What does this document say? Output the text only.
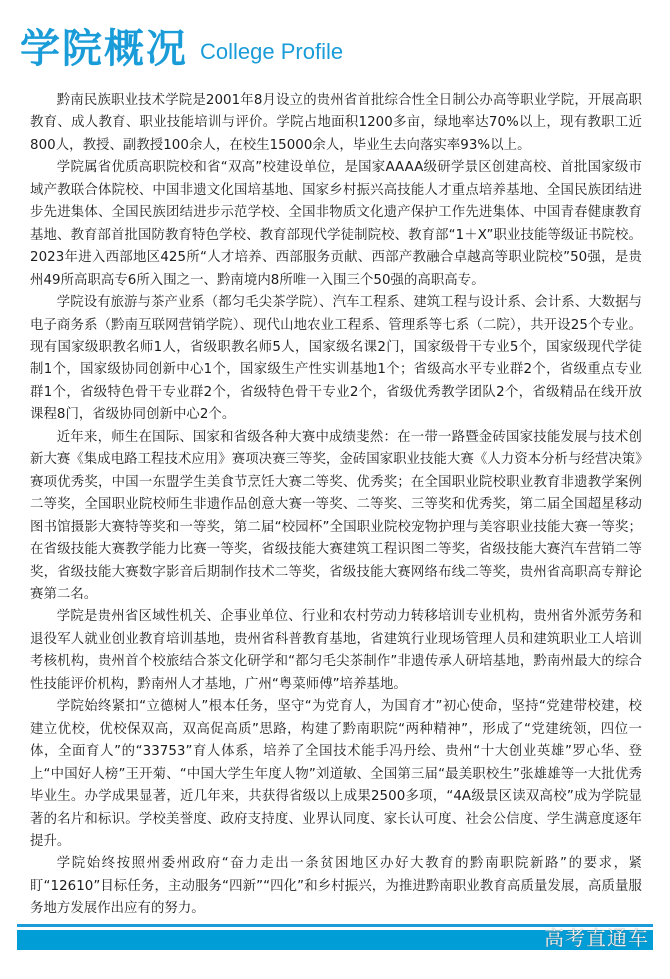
学院概况 College Profile

黔南民族职业技术学院是2001年8月设立的贵州省首批综合性全日制公办高等职业学院，开展高职教育、成人教育、职业技能培训与评价。学院占地面积1200多亩，绿地率达70%以上，现有教职工近800人，教授、副教授100余人，在校生15000余人，毕业生去向落实率93%以上。

学院属省优质高职院校和省“双高”校建设单位，是国家AAAA级研学景区创建高校、首批国家级市域产教联合体院校、中国非遗文化国培基地、国家乡村振兴高技能人才重点培养基地、全国民族团结进步先进集体、全国民族团结进步示范学校、全国非物质文化遗产保护工作先进集体、中国青春健康教育基地、教育部首批国防教育特色学校、教育部现代学徒制院校、教育部“1＋X”职业技能等级证书院校。2023年进入西部地区425所“人才培养、西部服务贡献、西部产教融合卓越高等职业院校”50强，是贵州49所高职高专6所入围之一、黔南境内8所唯一入围三个50强的高职高专。

学院设有旅游与茶产业系（都匀毛尖茶学院）、汽车工程系、建筑工程与设计系、会计系、大数据与电子商务系（黔南互联网营销学院）、现代山地农业工程系、管理系等七系（二院），共开设25个专业。现有国家级职教名师1人，省级职教名师5人，国家级名课2门，国家级骨干专业5个，国家级现代学徒制1个，国家级协同创新中心1个，国家级生产性实训基地1个；省级高水平专业群2个，省级重点专业群1个，省级特色骨干专业群2个，省级特色骨干专业2个，省级优秀教学团队2个，省级精品在线开放课程8门，省级协同创新中心2个。

近年来，师生在国际、国家和省级各种大赛中成绩斐然：在一带一路暨金砖国家技能发展与技术创新大赛《集成电路工程技术应用》赛项决赛三等奖，金砖国家职业技能大赛《人力资本分析与经营决策》赛项优秀奖，中国一东盟学生美食节烹饪大赛二等奖、优秀奖；在全国职业院校职业教育非遗教学案例二等奖，全国职业院校师生非遗作品创意大赛一等奖、二等奖、三等奖和优秀奖，第二届全国超星移动图书馆摄影大赛特等奖和一等奖，第二届“校园杯”全国职业院校宠物护理与美容职业技能大赛一等奖；在省级技能大赛教学能力比赛一等奖，省级技能大赛建筑工程识图二等奖，省级技能大赛汽车营销二等奖，省级技能大赛数字影音后期制作技术二等奖，省级技能大赛网络布线二等奖，贵州省高职高专辩论赛第二名。

学院是贵州省区域性机关、企事业单位、行业和农村劳动力转移培训专业机构，贵州省外派劳务和退役军人就业创业教育培训基地，贵州省科普教育基地，省建筑行业现场管理人员和建筑职业工人培训考核机构，贵州首个校旅结合茶文化研学和“都匀毛尖茶制作”非遗传承人研培基地，黔南州最大的综合性技能评价机构，黔南州人才基地，广州“粤菜师傅”培养基地。

学院始终紧扣“立德树人”根本任务，坚守“为党育人，为国育才”初心使命，坚持“党建带校建，校建立优校，优校保双高，双高促高质”思路，构建了黔南职院“两种精神”，形成了“党建统领，四位一体，全面育人”的“33753”育人体系，培养了全国技术能手冯丹绘、贵州“十大创业英雄”罗心华、登上“中国好人榜”王开菊、“中国大学生年度人物”刘道敏、全国第三届“最美职校生”张雄雄等一大批优秀毕业生。办学成果显著，近几年来，共获得省级以上成果2500多项，“4A级景区读双高校”成为学院显著的名片和标识。学校美誉度、政府支持度、业界认同度、家长认可度、社会公信度、学生满意度逐年提升。

学院始终按照州委州政府“奋力走出一条贫困地区办好大教育的黔南职院新路”的要求，紧盯“12610”目标任务，主动服务“四新”“四化”和乡村振兴，为推进黔南职业教育高质量发展，高质量服务地方发展作出应有的努力。

高考直通车
